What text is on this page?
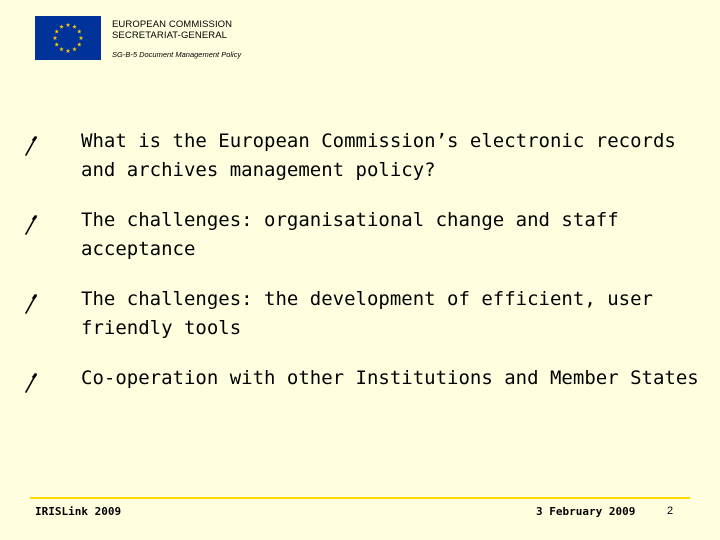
EUROPEAN COMMISSION
SECRETARIAT-GENERAL
SG-B-5 Document Management Policy
What is the European Commission’s electronic records and archives management policy?
The challenges: organisational change and staff acceptance
The challenges: the development of efficient, user friendly tools
Co-operation with other Institutions and Member States
IRISLink 2009	3 February 2009	2
